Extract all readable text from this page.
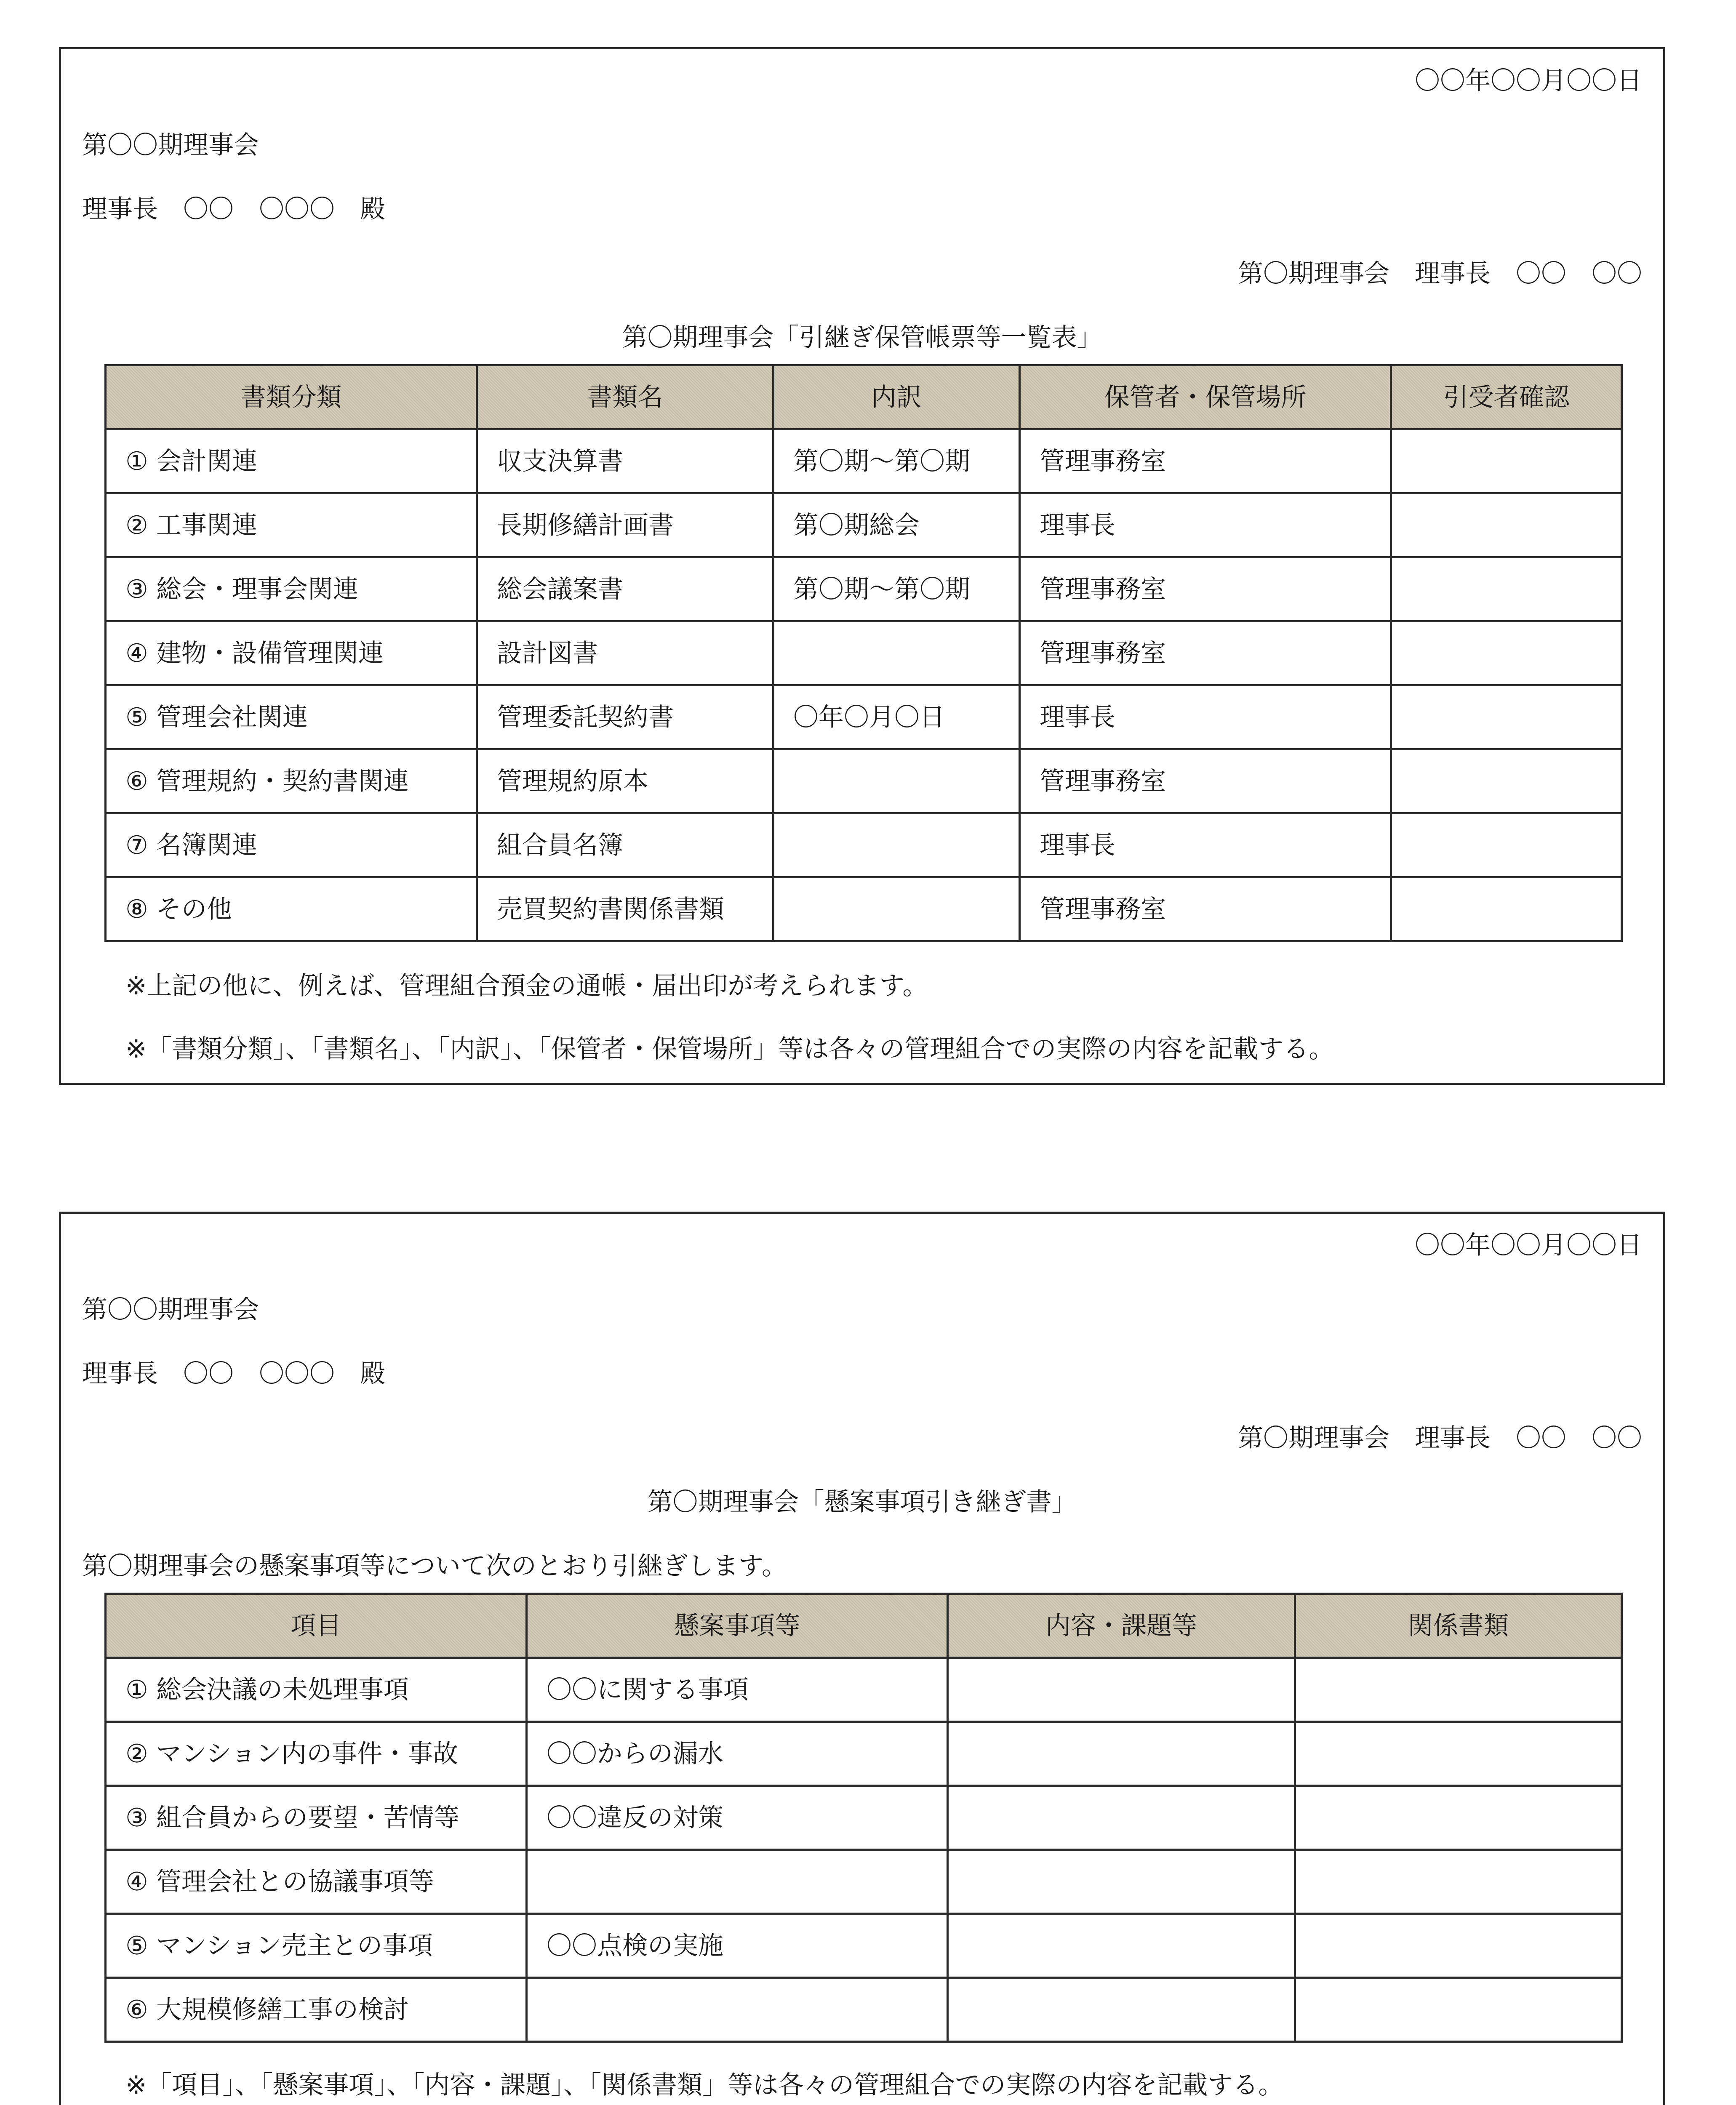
〇〇年〇〇月〇〇日
第〇〇期理事会
理事長　〇〇　〇〇〇　殿
第〇期理事会　理事長　〇〇　〇〇
第〇期理事会「引継ぎ保管帳票等一覧表」
書類分類	書類名	内訳	保管者・保管場所	引受者確認
① 会計関連	収支決算書	第〇期～第〇期	管理事務室	
② 工事関連	長期修繕計画書	第〇期総会	理事長	
③ 総会・理事会関連	総会議案書	第〇期～第〇期	管理事務室	
④ 建物・設備管理関連	設計図書		管理事務室	
⑤ 管理会社関連	管理委託契約書	〇年〇月〇日	理事長	
⑥ 管理規約・契約書関連	管理規約原本		管理事務室	
⑦ 名簿関連	組合員名簿		理事長	
⑧ その他	売買契約書関係書類		管理事務室	
※上記の他に、例えば、管理組合預金の通帳・届出印が考えられます。
※「書類分類」、「書類名」、「内訳」、「保管者・保管場所」等は各々の管理組合での実際の内容を記載する。
〇〇年〇〇月〇〇日
第〇〇期理事会
理事長　〇〇　〇〇〇　殿
第〇期理事会　理事長　〇〇　〇〇
第〇期理事会「懸案事項引き継ぎ書」
第〇期理事会の懸案事項等について次のとおり引継ぎします。
項目	懸案事項等	内容・課題等	関係書類
① 総会決議の未処理事項	〇〇に関する事項		
② マンション内の事件・事故	〇〇からの漏水		
③ 組合員からの要望・苦情等	〇〇違反の対策		
④ 管理会社との協議事項等			
⑤ マンション売主との事項	〇〇点検の実施		
⑥ 大規模修繕工事の検討			
※「項目」、「懸案事項」、「内容・課題」、「関係書類」等は各々の管理組合での実際の内容を記載する。
